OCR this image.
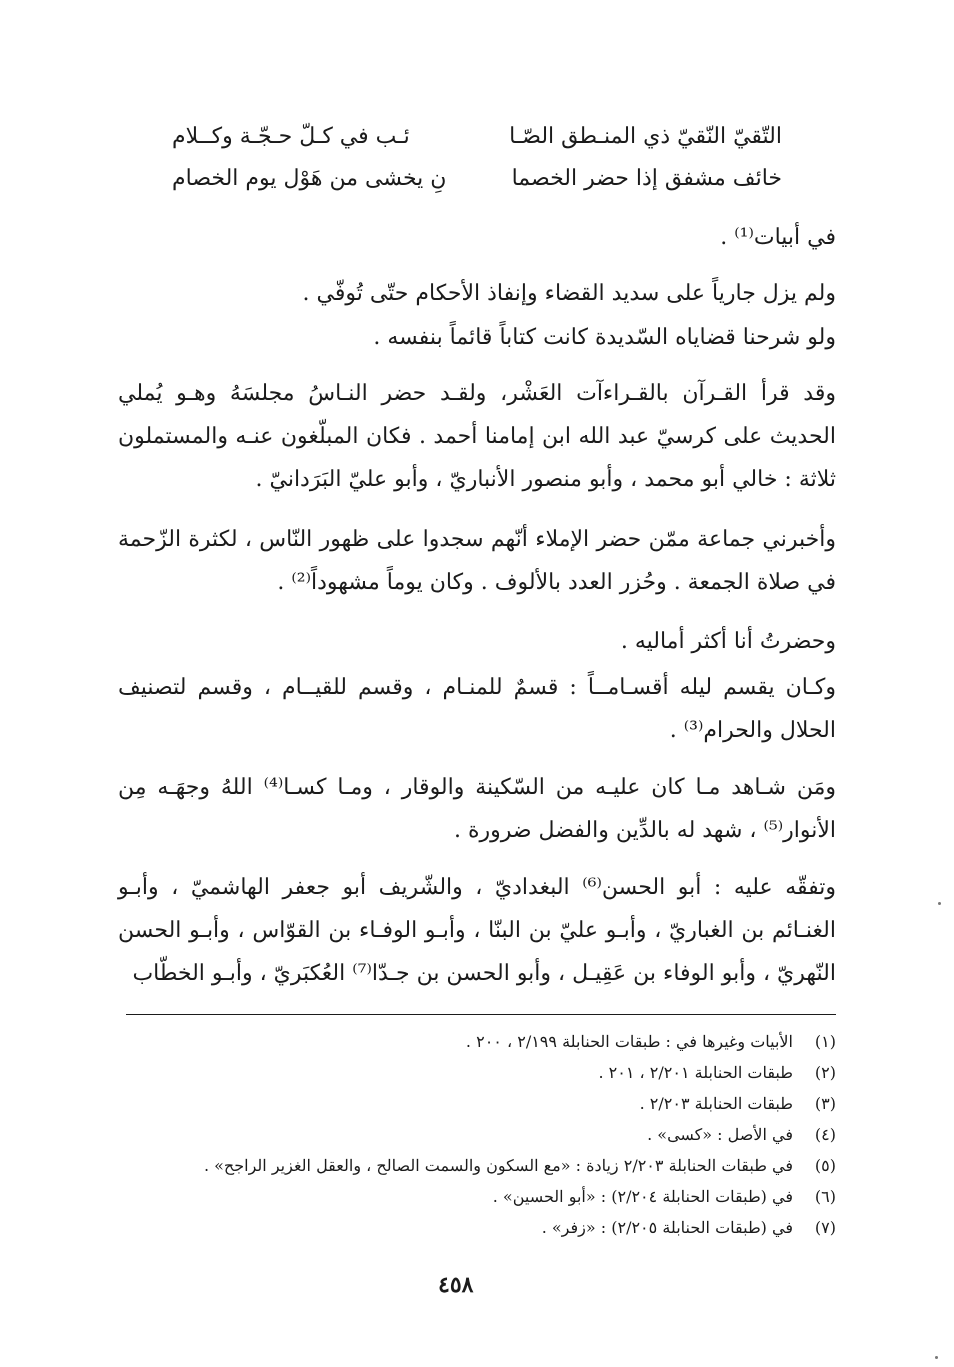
التّقيّ النّقيّ ذي المنـطق الصّـا
ئـب في كـلّ حـجّـة وكــلام
خائف مشفق إذا حضر الخصما
نِ يخشى من هَوْل يوم الخصام
في أبيات⁽¹⁾ .
ولم يزل جارياً على سديد القضاء وإنفاذ الأحكام حتّى تُوفّي .
ولو شرحنا قضاياه السّديدة كانت كتاباً قائماً بنفسه .
وقد قرأ القـرآن بالقـراءآت العَشْر، ولقـد حضر النـاسُ مجلسَهُ وهـو يُملي الحديث على كرسيّ عبد الله ابن إمامنا أحمد . فكان المبلّغون عنـه والمستملون ثلاثة : خالي أبو محمد ، وأبو منصور الأنباريّ ، وأبو عليّ البَرَدانيّ .
وأخبرني جماعة ممّن حضر الإملاء أنّهم سجدوا على ظهور النّاس ، لكثرة الزّحمة في صلاة الجمعة . وحُزر العدد بالألوف . وكان يوماً مشهوداً⁽²⁾ .
وحضرتُ أنا أكثر أماليه .
وكـان يقسم ليله أقسـامــاً : قسمٌ للمنـام ، وقسم للقيــام ، وقسم لتصنيف الحلال والحرام⁽³⁾ .
ومَن شـاهد مـا كان عليـه من السّكينة والوقار ، ومـا كسـا⁽⁴⁾ اللهُ وجهَـه مِن الأنوار⁽⁵⁾ ، شهد له بالدِّين والفضل ضرورة .
وتفقّه عليه : أبو الحسن⁽⁶⁾ البغداديّ ، والشّريف أبو جعفر الهاشميّ ، وأبـو الغنـائم بن الغباريّ ، وأبـو عليّ بن البنّا ، وأبـو الوفـاء بن القوّاس ، وأبـو الحسن النّهريّ ، وأبو الوفاء بن عَقِيـل ، وأبو الحسن بن جـدّا⁽⁷⁾ العُكبَريّ ، وأبـو الخطّاب
(١)
الأبيات وغيرها في : طبقات الحنابلة ٢/١٩٩ ، ٢٠٠ .
(٢)
طبقات الحنابلة ٢/٢٠١ ، ٢٠١ .
(٣)
طبقات الحنابلة ٢/٢٠٣ .
(٤)
في الأصل : «كسى» .
(٥)
في طبقات الحنابلة ٢/٢٠٣ زيادة : «مع السكون والسمت الصالح ، والعقل الغزير الراجح» .
(٦)
في (طبقات الحنابلة ٢/٢٠٤) : «أبو الحسين» .
(٧)
في (طبقات الحنابلة ٢/٢٠٥) : «زفر» .
٤٥٨
